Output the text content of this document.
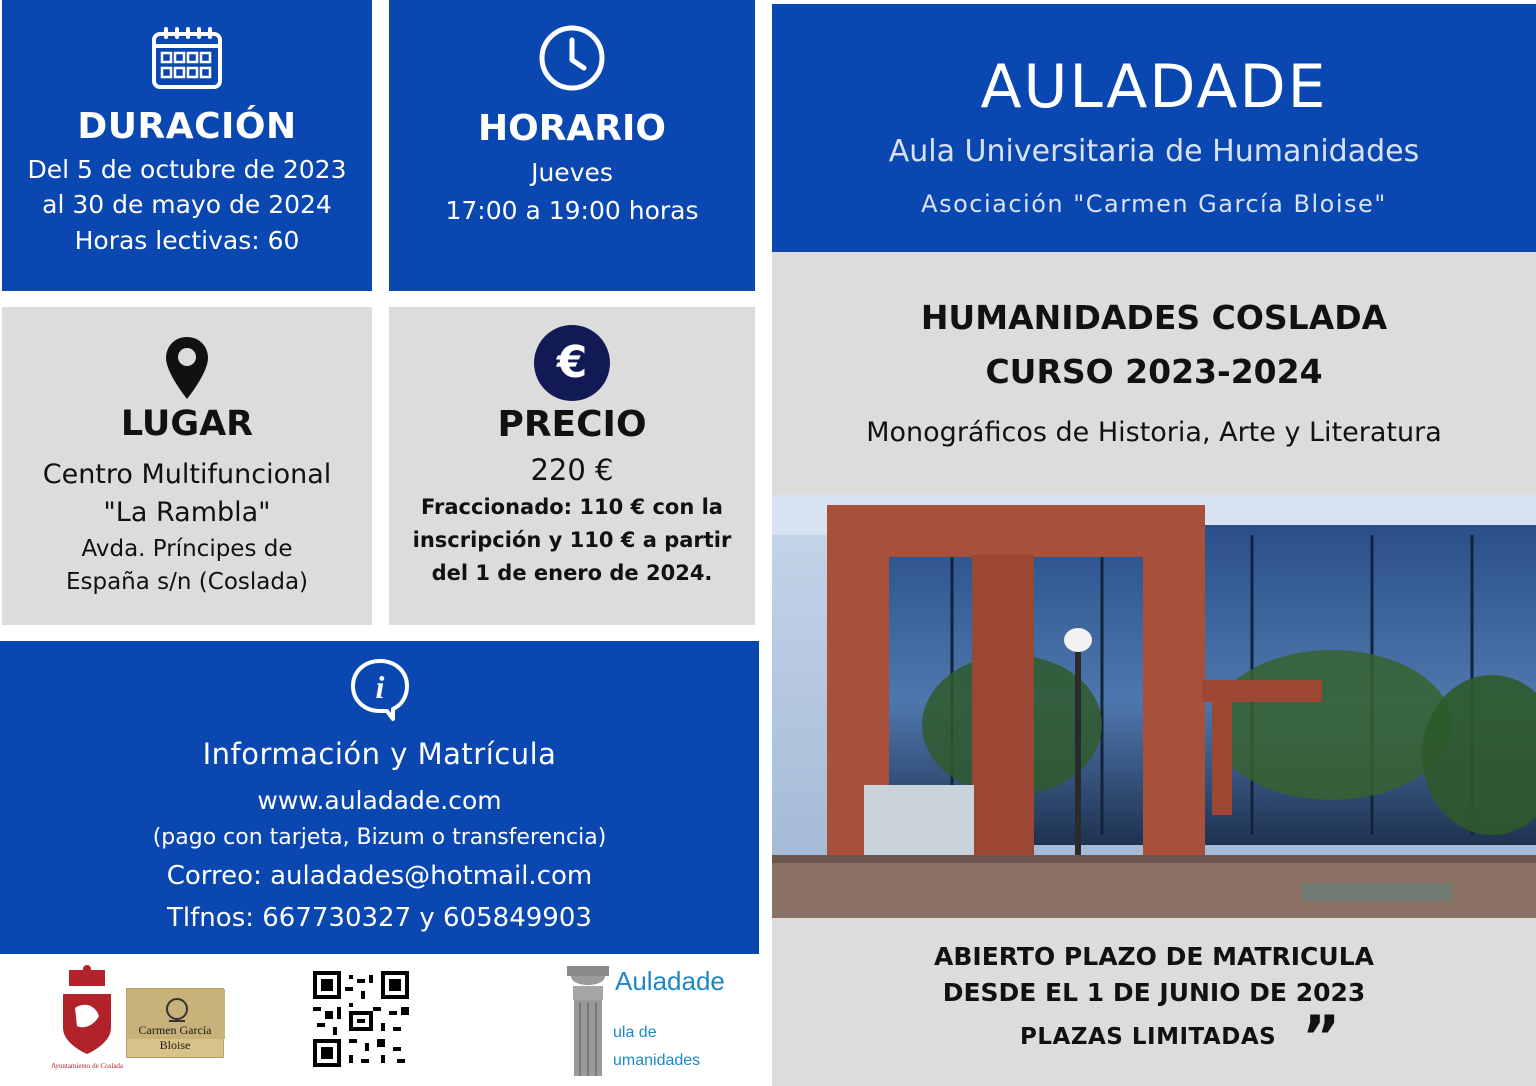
DURACIÓN
Del 5 de octubre de 2023
al 30 de mayo de 2024
Horas lectivas: 60
HORARIO
Jueves
17:00 a 19:00 horas
LUGAR
Centro Multifuncional
"La Rambla"
Avda. Príncipes de
España s/n (Coslada)
€
PRECIO
220 €
Fraccionado: 110 € con la
inscripción y 110 € a partir
del 1 de enero de 2024.
i
Información y Matrícula
www.auladade.com
(pago con tarjeta, Bizum o transferencia)
Correo: auladades@hotmail.com
Tlfnos: 667730327 y 605849903
AULADADE
Aula Universitaria de Humanidades
Asociación "Carmen García Bloise"
HUMANIDADES COSLADA
CURSO 2023-2024
Monográficos de Historia, Arte y Literatura
ABIERTO PLAZO DE MATRICULA
DESDE EL 1 DE JUNIO DE 2023
PLAZAS LIMITADAS ”
Ayuntamiento de Coslada
Carmen García Bloise
Auladade
ula de
umanidades
